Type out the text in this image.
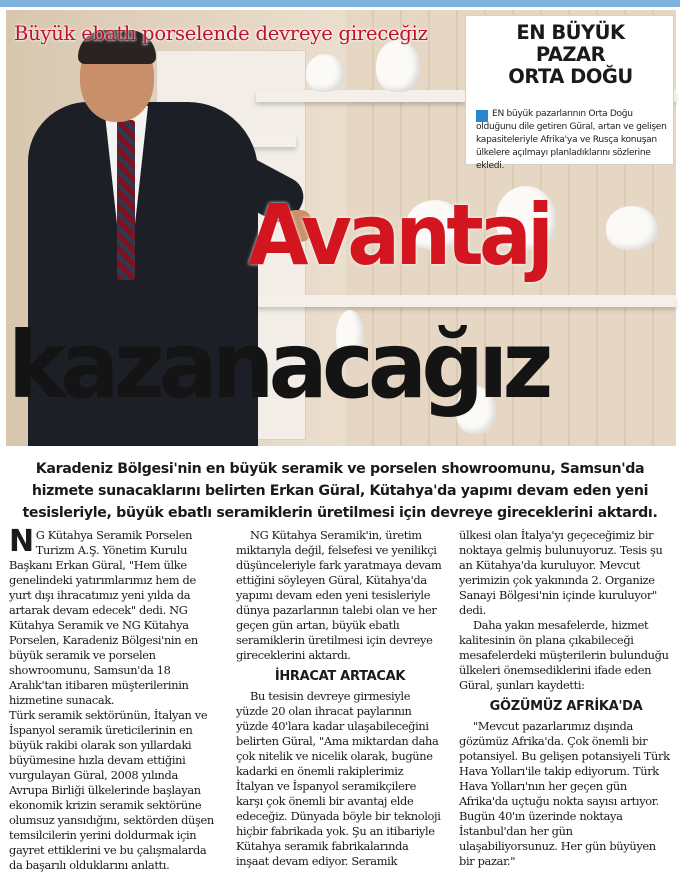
Büyük ebatlı porselende devreye gireceğiz	EN BÜYÜK
PAZAR
ORTA DOĞU
EN büyük pazarlarının Orta Doğu olduğunu dile getiren Güral, artan ve gelişen kapasiteleriyle Afrika'ya ve Rusça konuşan ülkelere açılmayı planladıklarını sözlerine ekledi.
Avantaj
kazanacağız
Karadeniz Bölgesi'nin en büyük seramik ve porselen showroomunu, Samsun'da hizmete sunacaklarını belirten Erkan Güral, Kütahya'da yapımı devam eden yeni tesisleriyle, büyük ebatlı seramiklerin üretilmesi için devreye gireceklerini aktardı.

N G Kütahya Seramik Porselen Turizm A.Ş. Yönetim Kurulu Başkanı Erkan Güral, "Hem ülke genelindeki yatırımlarımız hem de yurt dışı ihracatımız yeni yılda da artarak devam edecek" dedi. NG Kütahya Seramik ve NG Kütahya Porselen, Karadeniz Bölgesi'nin en büyük seramik ve porselen showroomunu, Samsun'da 18 Aralık'tan itibaren müşterilerinin hizmetine sunacak.

Türk seramik sektörünün, İtalyan ve İspanyol seramik üreticilerinin en büyük rakibi olarak son yıllardaki büyümesine hızla devam ettiğini vurgulayan Güral, 2008 yılında Avrupa Birliği ülkelerinde başlayan ekonomik krizin seramik sektörüne olumsuz yansıdığını, sektörden düşen temsilcilerin yerini doldurmak için gayret ettiklerini ve bu çalışmalarda da başarılı olduklarını anlattı.

NG Kütahya Seramik'in, üretim miktarıyla değil, felsefesi ve yenilikçi düşünceleriyle fark yaratmaya devam ettiğini söyleyen Güral, Kütahya'da yapımı devam eden yeni tesisleriyle dünya pazarlarının talebi olan ve her geçen gün artan, büyük ebatlı seramiklerin üretilmesi için devreye gireceklerini aktardı.

İHRACAT ARTACAK

Bu tesisin devreye girmesiyle yüzde 20 olan ihracat paylarının yüzde 40'lara kadar ulaşabileceğini belirten Güral, "Ama miktardan daha çok nitelik ve nicelik olarak, bugüne kadarki en önemli rakiplerimiz İtalyan ve İspanyol seramikçilere karşı çok önemli bir avantaj elde edeceğiz. Dünyada böyle bir teknoloji hiçbir fabrikada yok. Şu an itibariyle Kütahya seramik fabrikalarında inşaat devam ediyor. Seramik

ülkesi olan İtalya'yı geçeceğimiz bir noktaya gelmiş bulunuyoruz. Tesis şu an Kütahya'da kuruluyor. Mevcut yerimizin çok yakınında 2. Organize Sanayi Bölgesi'nin içinde kuruluyor" dedi.

Daha yakın mesafelerde, hizmet kalitesinin ön plana çıkabileceği mesafelerdeki müşterilerin bulunduğu ülkeleri önemsediklerini ifade eden Güral, şunları kaydetti:

GÖZÜMÜZ AFRİKA'DA

"Mevcut pazarlarımız dışında gözümüz Afrika'da. Çok önemli bir potansiyel. Bu gelişen potansiyeli Türk Hava Yolları'ile takip ediyorum. Türk Hava Yolları'nın her geçen gün Afrika'da uçtuğu nokta sayısı artıyor. Bugün 40'ın üzerinde noktaya İstanbul'dan her gün ulaşabiliyorsunuz. Her gün büyüyen bir pazar."
